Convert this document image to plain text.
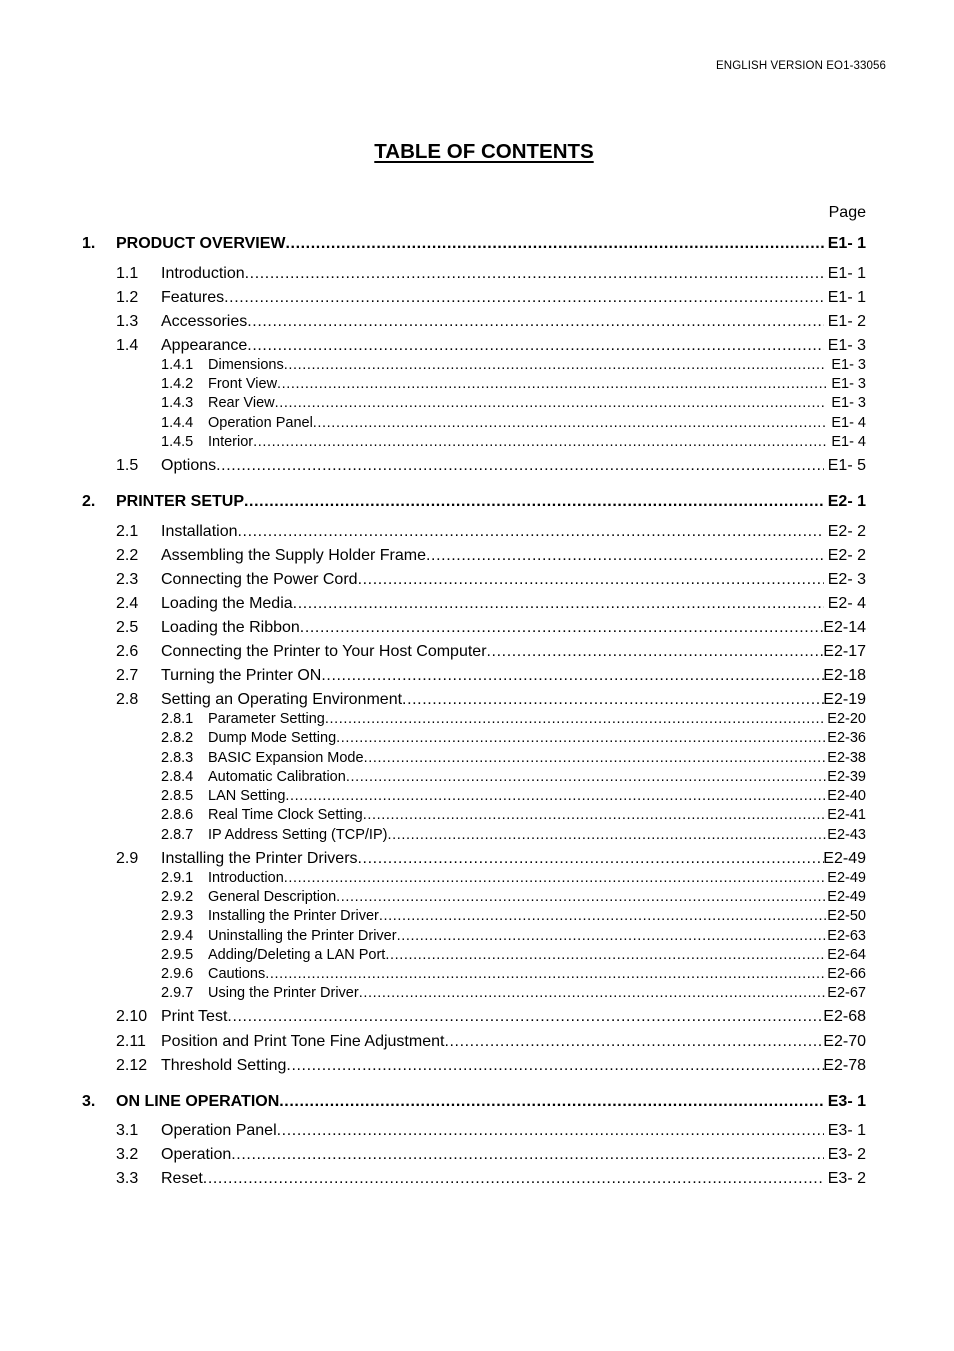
ENGLISH VERSION EO1-33056
TABLE OF CONTENTS
Page
1. PRODUCT OVERVIEW .....	E1- 1
1.1 Introduction .....	E1- 1
1.2 Features .....	E1- 1
1.3 Accessories .....	E1- 2
1.4 Appearance .....	E1- 3
1.4.1 Dimensions .....	E1- 3
1.4.2 Front View .....	E1- 3
1.4.3 Rear View .....	E1- 3
1.4.4 Operation Panel .....	E1- 4
1.4.5 Interior .....	E1- 4
1.5 Options .....	E1- 5
2. PRINTER SETUP .....	E2- 1
2.1 Installation .....	E2- 2
2.2 Assembling the Supply Holder Frame .....	E2- 2
2.3 Connecting the Power Cord .....	E2- 3
2.4 Loading the Media .....	E2- 4
2.5 Loading the Ribbon .....	E2-14
2.6 Connecting the Printer to Your Host Computer .....	E2-17
2.7 Turning the Printer ON .....	E2-18
2.8 Setting an Operating Environment .....	E2-19
2.8.1 Parameter Setting .....	E2-20
2.8.2 Dump Mode Setting .....	E2-36
2.8.3 BASIC Expansion Mode .....	E2-38
2.8.4 Automatic Calibration .....	E2-39
2.8.5 LAN Setting .....	E2-40
2.8.6 Real Time Clock Setting .....	E2-41
2.8.7 IP Address Setting (TCP/IP) .....	E2-43
2.9 Installing the Printer Drivers .....	E2-49
2.9.1 Introduction .....	E2-49
2.9.2 General Description .....	E2-49
2.9.3 Installing the Printer Driver .....	E2-50
2.9.4 Uninstalling the Printer Driver .....	E2-63
2.9.5 Adding/Deleting a LAN Port .....	E2-64
2.9.6 Cautions .....	E2-66
2.9.7 Using the Printer Driver .....	E2-67
2.10 Print Test .....	E2-68
2.11 Position and Print Tone Fine Adjustment .....	E2-70
2.12 Threshold Setting .....	E2-78
3. ON LINE OPERATION .....	E3- 1
3.1 Operation Panel .....	E3- 1
3.2 Operation .....	E3- 2
3.3 Reset .....	E3- 2
